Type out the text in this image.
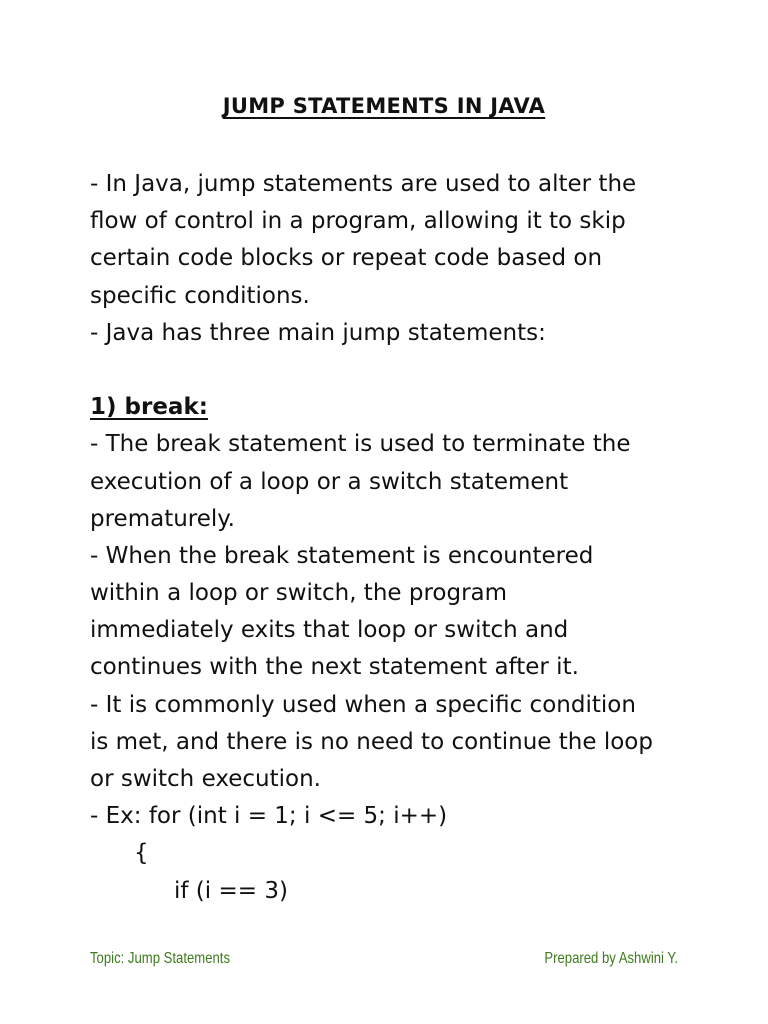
JUMP STATEMENTS IN JAVA
- In Java, jump statements are used to alter the
flow of control in a program, allowing it to skip
certain code blocks or repeat code based on
specific conditions.
- Java has three main jump statements:
1) break:
- The break statement is used to terminate the
execution of a loop or a switch statement
prematurely.
- When the break statement is encountered
within a loop or switch, the program
immediately exits that loop or switch and
continues with the next statement after it.
- It is commonly used when a specific condition
is met, and there is no need to continue the loop
or switch execution.
- Ex: for (int i = 1; i <= 5; i++)
{
if (i == 3)
Topic: Jump Statements	Prepared by Ashwini Y.
